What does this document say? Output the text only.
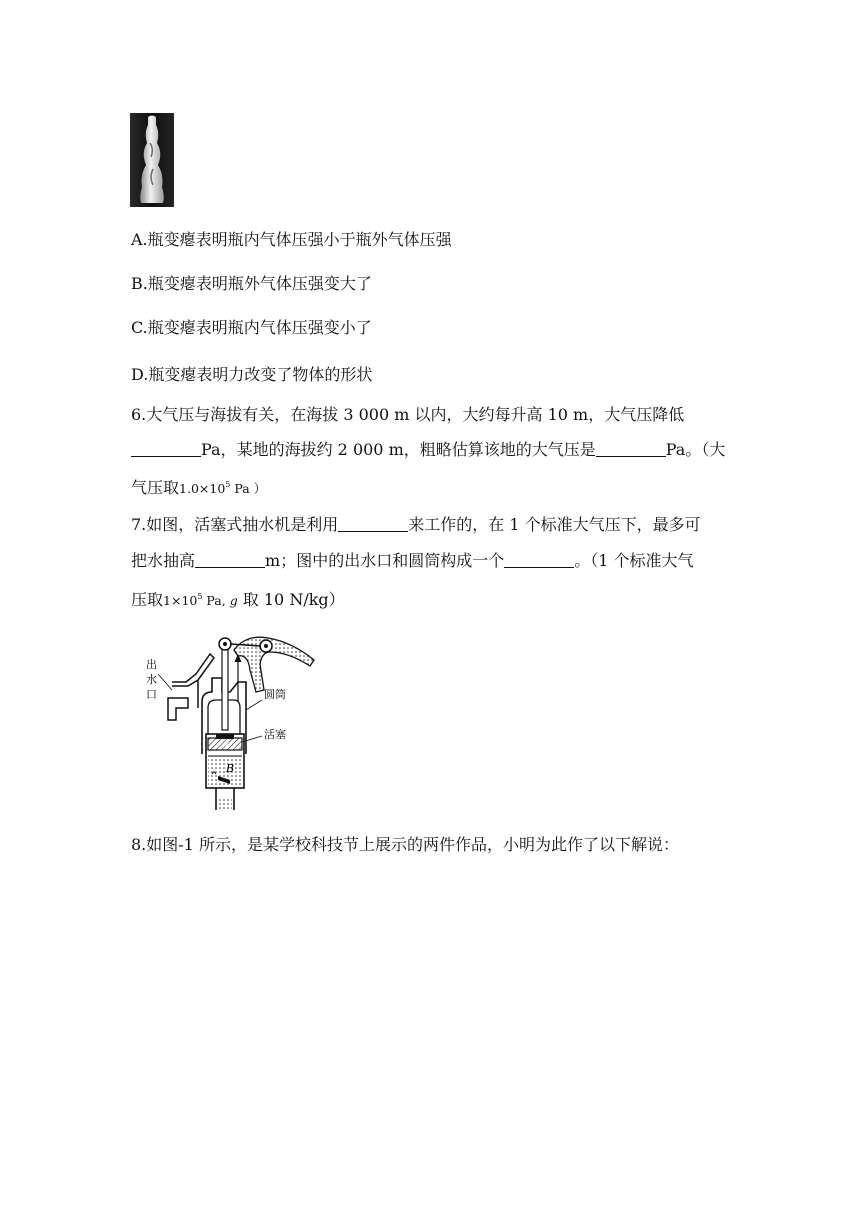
A.瓶变瘪表明瓶内气体压强小于瓶外气体压强
B.瓶变瘪表明瓶外气体压强变大了
C.瓶变瘪表明瓶内气体压强变小了
D.瓶变瘪表明力改变了物体的形状
6.大气压与海拔有关，在海拔 3 000 m 以内，大约每升高 10 m，大气压降低
Pa，某地的海拔约 2 000 m，粗略估算该地的大气压是	Pa。（大
气压取$1.0\times 10^5$ Pa ）
7.如图，活塞式抽水机是利用	来工作的，在 1 个标准大气压下，最多可
把水抽高	m；图中的出水口和圆筒构成一个	。（1 个标准大气
压取$1\times 10^5$ Pa, g 取 10 N/kg）
出
水
口	圆筒
活塞
A
B
8.如图-1 所示，是某学校科技节上展示的两件作品，小明为此作了以下解说：
